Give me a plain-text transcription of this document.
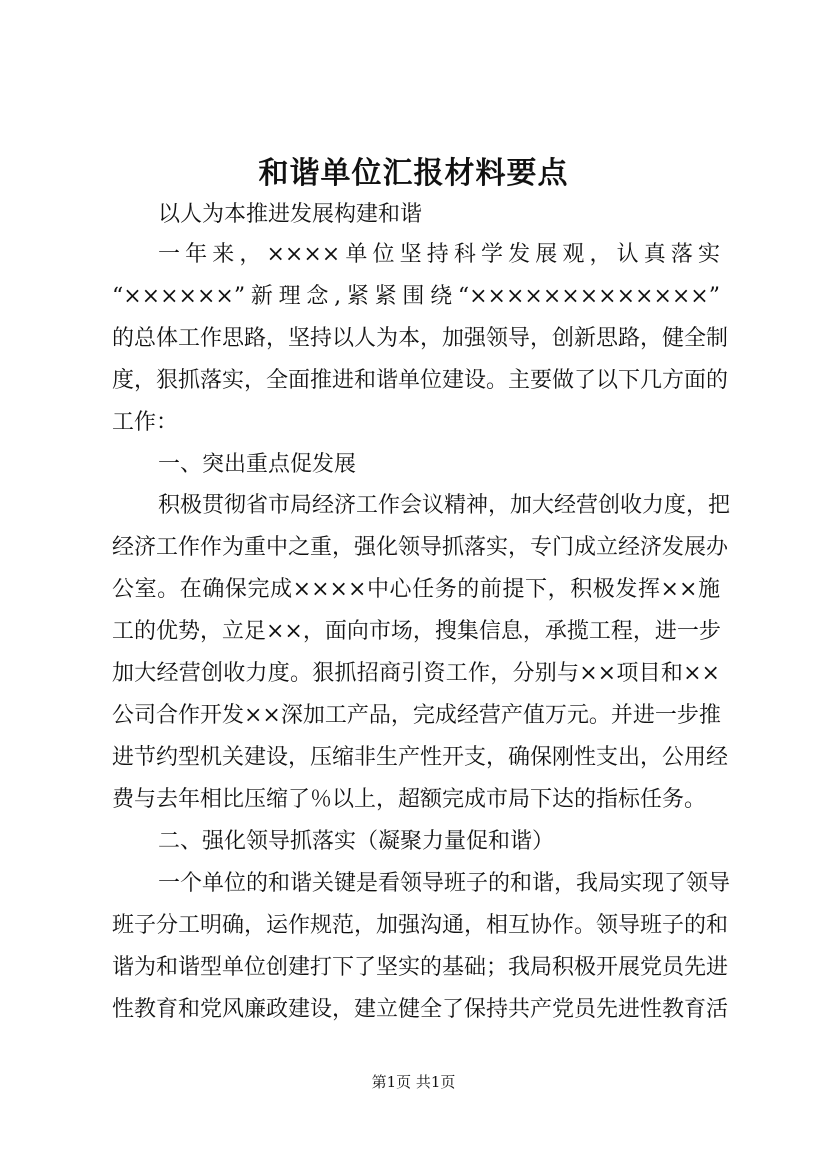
和谐单位汇报材料要点
以人为本推进发展构建和谐
一年来，××××单位坚持科学发展观，认真落实
“××××××”新理念,紧紧围绕“×××××××××××××”
的总体工作思路，坚持以人为本，加强领导，创新思路，健全制
度，狠抓落实，全面推进和谐单位建设。主要做了以下几方面的
工作：
一、突出重点促发展
积极贯彻省市局经济工作会议精神，加大经营创收力度，把
经济工作作为重中之重，强化领导抓落实，专门成立经济发展办
公室。在确保完成××××中心任务的前提下，积极发挥××施
工的优势，立足××，面向市场，搜集信息，承揽工程，进一步
加大经营创收力度。狠抓招商引资工作，分别与××项目和××
公司合作开发××深加工产品，完成经营产值万元。并进一步推
进节约型机关建设，压缩非生产性开支，确保刚性支出，公用经
费与去年相比压缩了％以上，超额完成市局下达的指标任务。
二、强化领导抓落实（凝聚力量促和谐）
一个单位的和谐关键是看领导班子的和谐，我局实现了领导
班子分工明确，运作规范，加强沟通，相互协作。领导班子的和
谐为和谐型单位创建打下了坚实的基础；我局积极开展党员先进
性教育和党风廉政建设，建立健全了保持共产党员先进性教育活
第1页 共1页
